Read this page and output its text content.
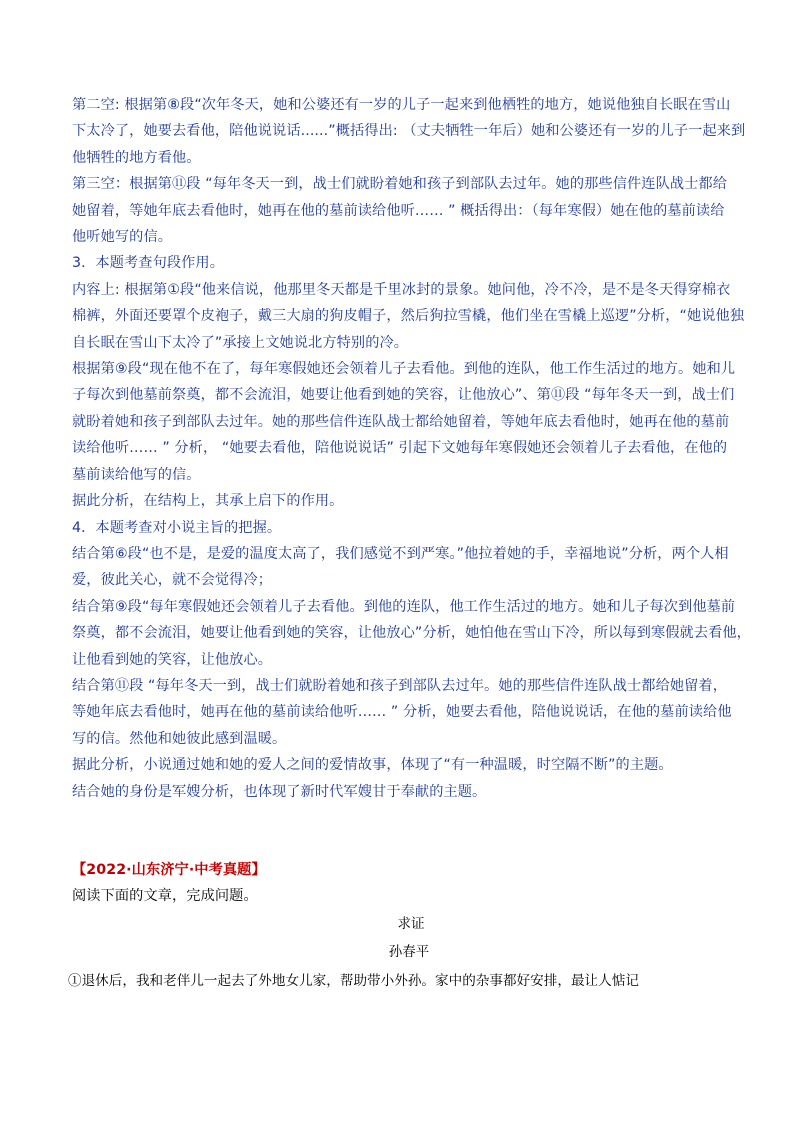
第二空: 根据第⑧段“次年冬天，她和公婆还有一岁的儿子一起来到他栖牲的地方，她说他独自长眠在雪山
下太冷了，她要去看他，陪他说说话......”概括得出: （丈夫牺牲一年后）她和公婆还有一岁的儿子一起来到
他牺牲的地方看他。
第三空：根据第⑪段 “每年冬天一到，战士们就盼着她和孩子到部队去过年。她的那些信件连队战士都给
她留着，等她年底去看他时，她再在他的墓前读给他听…… ” 概括得出：（每年寒假）她在他的墓前读给
他听她写的信。
3．本题考查句段作用。
内容上: 根据第①段“他来信说，他那里冬天都是千里冰封的景象。她问他，冷不冷，是不是冬天得穿棉衣
棉裤，外面还要罩个皮袍子，戴三大扇的狗皮帽子，然后狗拉雪橇，他们坐在雪橇上巡逻”分析，“她说他独
自长眠在雪山下太冷了”承接上文她说北方特别的冷。
根据第⑨段“现在他不在了，每年寒假她还会领着儿子去看他。到他的连队，他工作生活过的地方。她和儿
子每次到他墓前祭奠，都不会流泪，她要让他看到她的笑容，让他放心”、第⑪段 “每年冬天一到，战士们
就盼着她和孩子到部队去过年。她的那些信件连队战士都给她留着，等她年底去看他时，她再在他的墓前
读给他听…… ” 分析， “她要去看他，陪他说说话” 引起下文她每年寒假她还会领着儿子去看他，在他的
墓前读给他写的信。
据此分析，在结构上，其承上启下的作用。
4．本题考查对小说主旨的把握。
结合第⑥段“也不是，是爱的温度太高了，我们感觉不到严寒。”他拉着她的手，幸福地说”分析，两个人相
爱，彼此关心，就不会觉得冷；
结合第⑨段“每年寒假她还会领着儿子去看他。到他的连队，他工作生活过的地方。她和儿子每次到他墓前
祭奠，都不会流泪，她要让他看到她的笑容，让他放心”分析，她怕他在雪山下冷，所以每到寒假就去看他，
让他看到她的笑容，让他放心。
结合第⑪段 “每年冬天一到，战士们就盼着她和孩子到部队去过年。她的那些信件连队战士都给她留着，
等她年底去看他时，她再在他的墓前读给他听…… ” 分析，她要去看他，陪他说说话，在他的墓前读给他
写的信。然他和她彼此感到温暖。
据此分析，小说通过她和她的爱人之间的爱情故事，体现了“有一种温暖，时空隔不断”的主题。
结合她的身份是军嫂分析，也体现了新时代军嫂甘于奉献的主题。
【2022·山东济宁·中考真题】
阅读下面的文章，完成问题。
求证
孙春平
①退休后，我和老伴儿一起去了外地女儿家，帮助带小外孙。家中的杂事都好安排，最让人惦记
